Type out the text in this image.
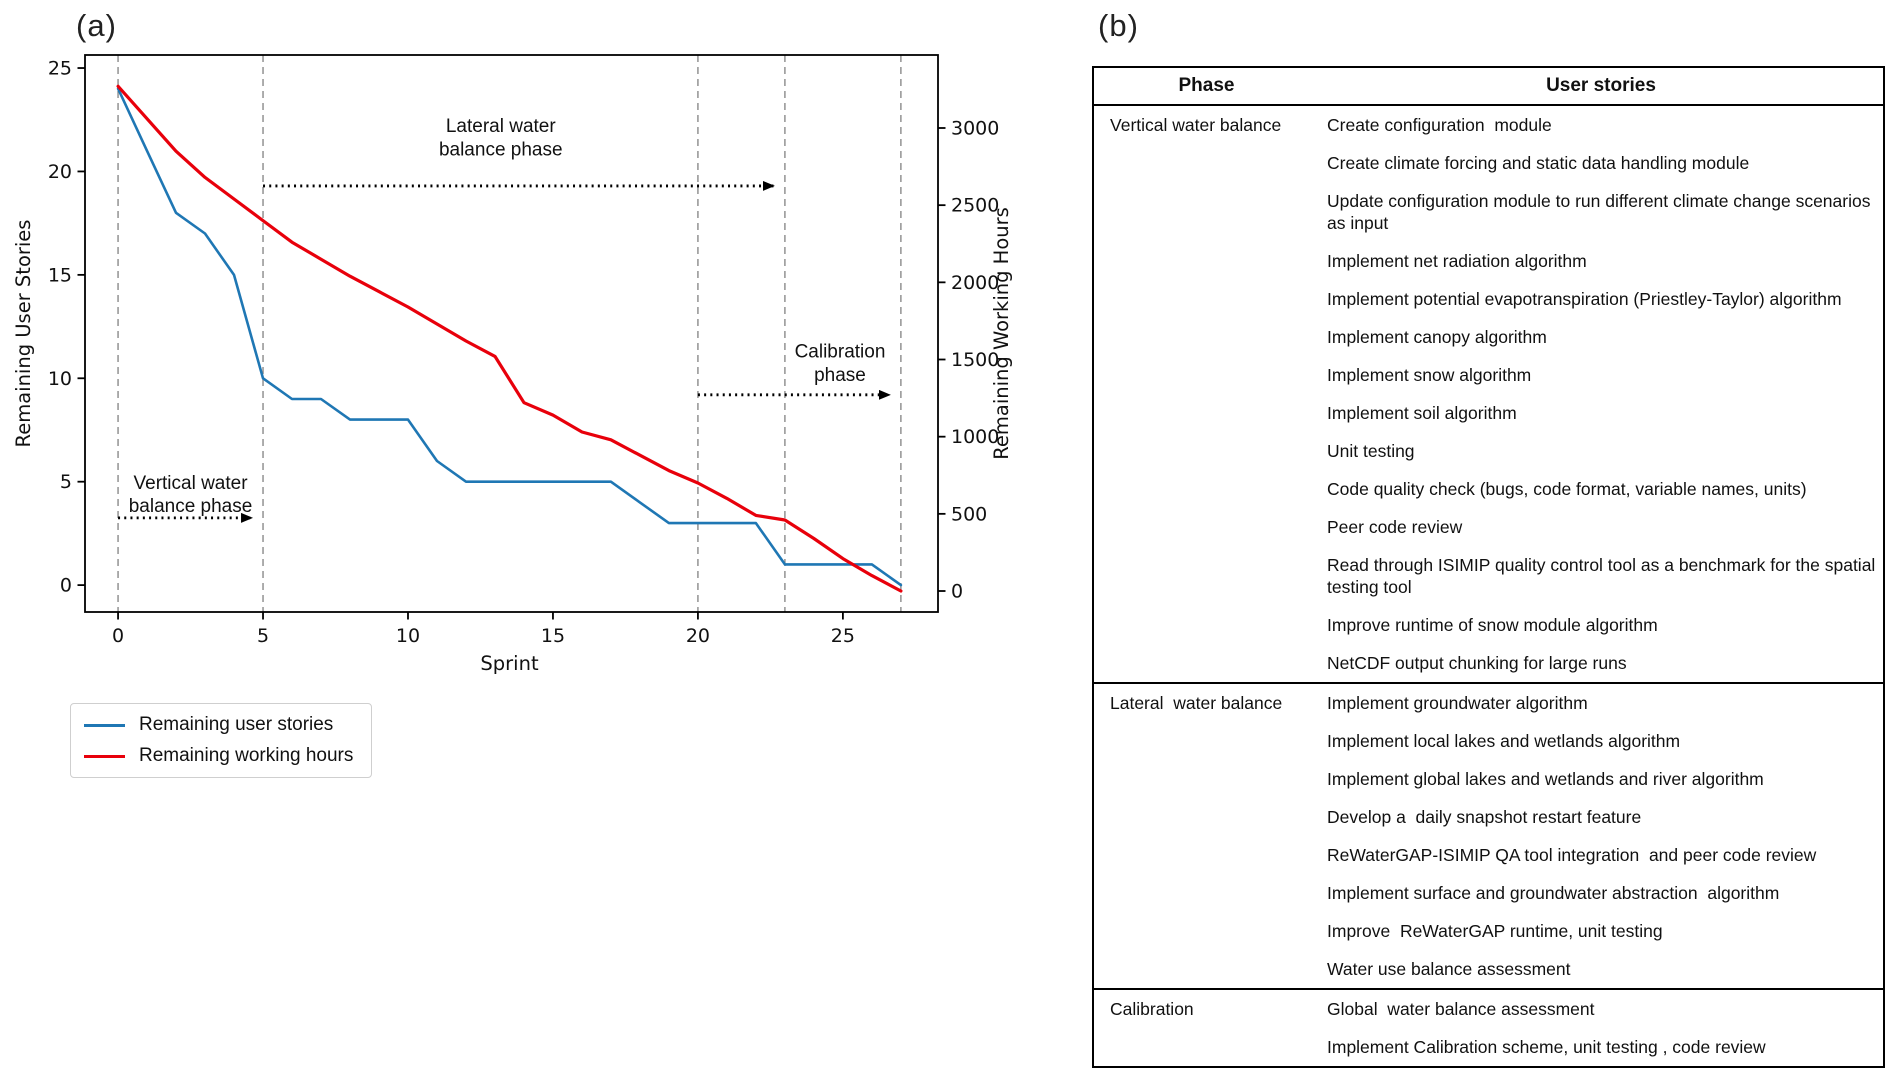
(a)
0
5
10
15
20
25
0
500
1000
1500
2000
2500
3000
0	5	10	15	20	25
Sprint
Remaining User Stories	Remaining Working Hours
Vertical water balance phase
Lateral water balance phase
Calibration phase
Remaining user stories
Remaining working hours
(b)
Phase	User stories
Vertical water balance	Create configuration  module
	Create climate forcing and static data handling module
	Update configuration module to run different climate change scenarios as input
	Implement net radiation algorithm
	Implement potential evapotranspiration (Priestley-Taylor) algorithm
	Implement canopy algorithm
	Implement snow algorithm
	Implement soil algorithm
	Unit testing
	Code quality check (bugs, code format, variable names, units)
	Peer code review
	Read through ISIMIP quality control tool as a benchmark for the spatial testing tool
	Improve runtime of snow module algorithm
	NetCDF output chunking for large runs
Lateral  water balance	Implement groundwater algorithm
	Implement local lakes and wetlands algorithm
	Implement global lakes and wetlands and river algorithm
	Develop a  daily snapshot restart feature
	ReWaterGAP-ISIMIP QA tool integration  and peer code review
	Implement surface and groundwater abstraction  algorithm
	Improve  ReWaterGAP runtime, unit testing
	Water use balance assessment
Calibration	Global  water balance assessment
	Implement Calibration scheme, unit testing , code review
